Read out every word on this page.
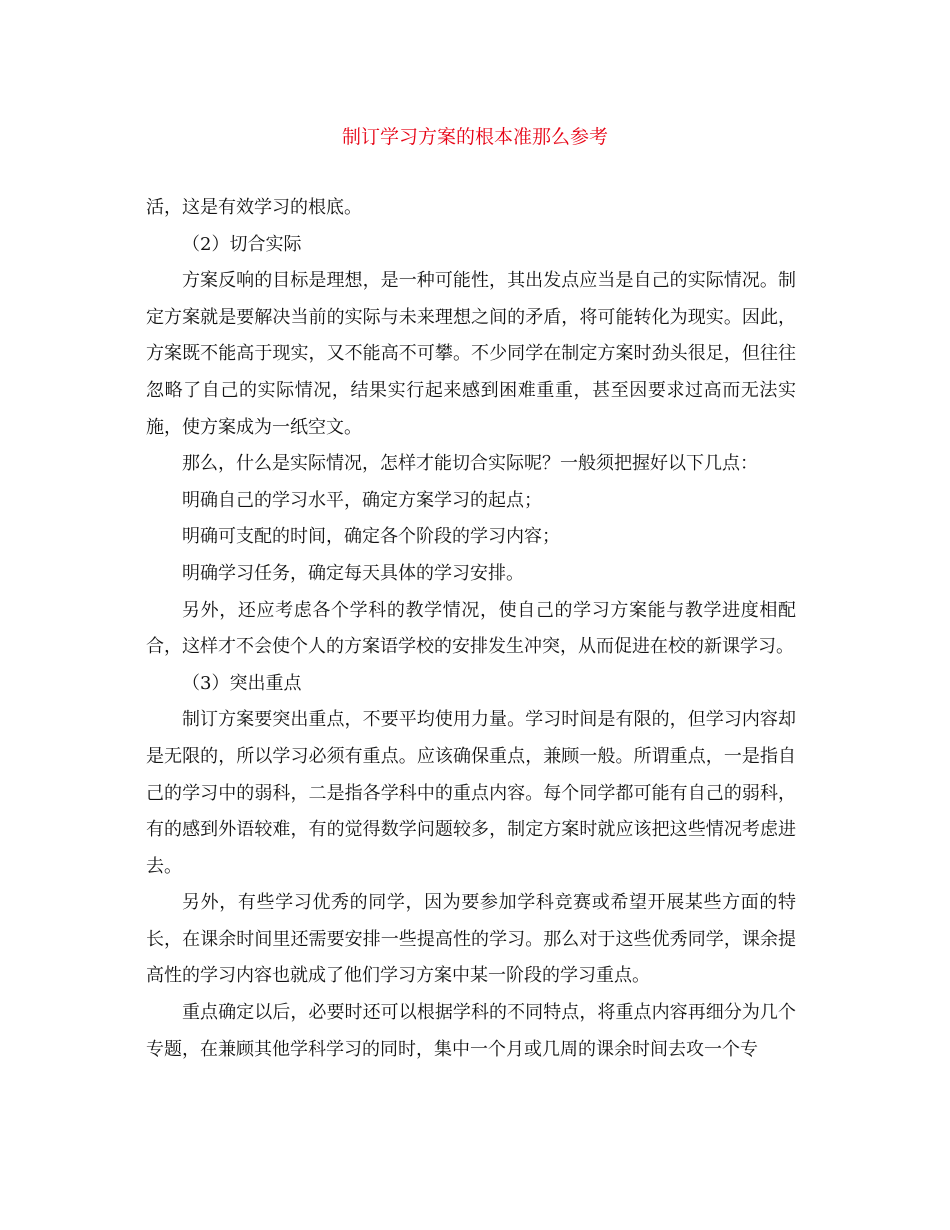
制订学习方案的根本准那么参考

活，这是有效学习的根底。

（2）切合实际

方案反响的目标是理想，是一种可能性，其出发点应当是自己的实际情况。制定方案就是要解决当前的实际与未来理想之间的矛盾，将可能转化为现实。因此，方案既不能高于现实，又不能高不可攀。不少同学在制定方案时劲头很足，但往往忽略了自己的实际情况，结果实行起来感到困难重重，甚至因要求过高而无法实施，使方案成为一纸空文。

那么，什么是实际情况，怎样才能切合实际呢？一般须把握好以下几点：

明确自己的学习水平，确定方案学习的起点；

明确可支配的时间，确定各个阶段的学习内容；

明确学习任务，确定每天具体的学习安排。

另外，还应考虑各个学科的教学情况，使自己的学习方案能与教学进度相配合，这样才不会使个人的方案语学校的安排发生冲突，从而促进在校的新课学习。

（3）突出重点

制订方案要突出重点，不要平均使用力量。学习时间是有限的，但学习内容却是无限的，所以学习必须有重点。应该确保重点，兼顾一般。所谓重点，一是指自己的学习中的弱科，二是指各学科中的重点内容。每个同学都可能有自己的弱科，有的感到外语较难，有的觉得数学问题较多，制定方案时就应该把这些情况考虑进去。

另外，有些学习优秀的同学，因为要参加学科竞赛或希望开展某些方面的特长，在课余时间里还需要安排一些提高性的学习。那么对于这些优秀同学，课余提高性的学习内容也就成了他们学习方案中某一阶段的学习重点。

重点确定以后，必要时还可以根据学科的不同特点，将重点内容再细分为几个专题，在兼顾其他学科学习的同时，集中一个月或几周的课余时间去攻一个专
